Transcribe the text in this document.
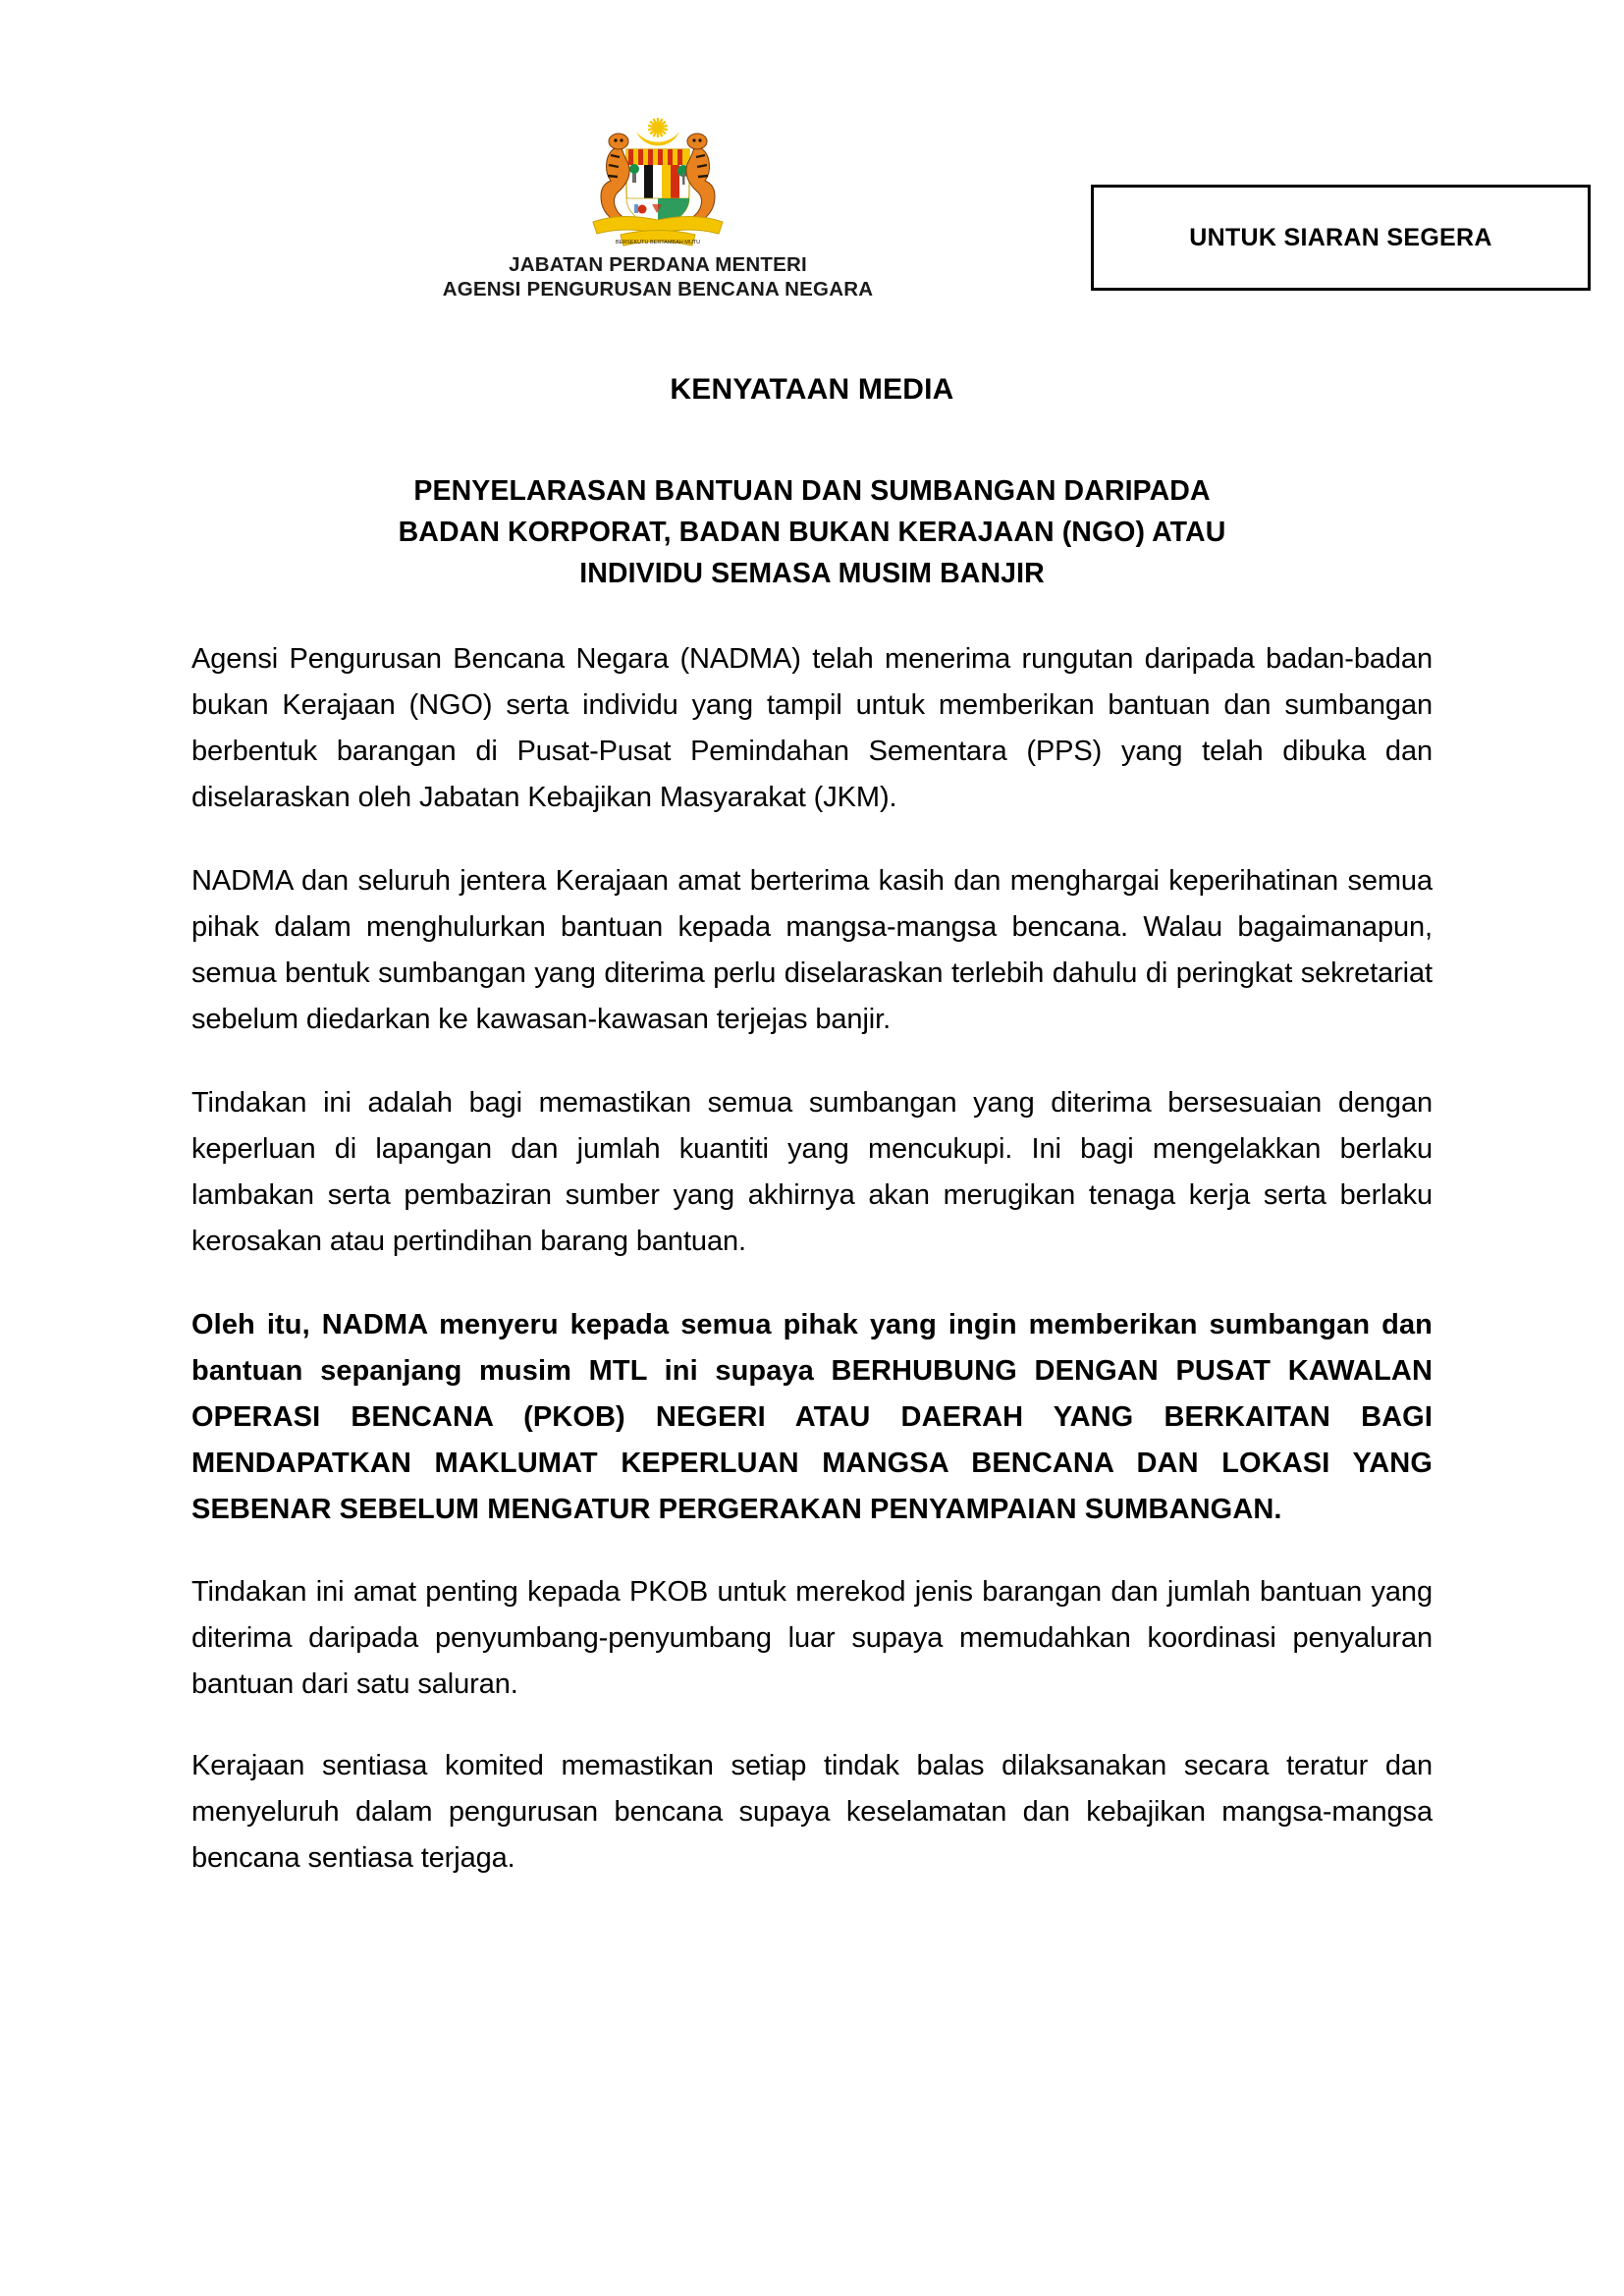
BERSEKUTU BERTAMBAH MUTU
JABATAN PERDANA MENTERI
AGENSI PENGURUSAN BENCANA NEGARA
UNTUK SIARAN SEGERA
KENYATAAN MEDIA
PENYELARASAN BANTUAN DAN SUMBANGAN DARIPADA
BADAN KORPORAT, BADAN BUKAN KERAJAAN (NGO) ATAU
INDIVIDU SEMASA MUSIM BANJIR

Agensi Pengurusan Bencana Negara (NADMA) telah menerima rungutan daripada badan-badan bukan Kerajaan (NGO) serta individu yang tampil untuk memberikan bantuan dan sumbangan berbentuk barangan di Pusat-Pusat Pemindahan Sementara (PPS) yang telah dibuka dan diselaraskan oleh Jabatan Kebajikan Masyarakat (JKM).

NADMA dan seluruh jentera Kerajaan amat berterima kasih dan menghargai keperihatinan semua pihak dalam menghulurkan bantuan kepada mangsa-mangsa bencana. Walau bagaimanapun, semua bentuk sumbangan yang diterima perlu diselaraskan terlebih dahulu di peringkat sekretariat sebelum diedarkan ke kawasan-kawasan terjejas banjir.

Tindakan ini adalah bagi memastikan semua sumbangan yang diterima bersesuaian dengan keperluan di lapangan dan jumlah kuantiti yang mencukupi. Ini bagi mengelakkan berlaku lambakan serta pembaziran sumber yang akhirnya akan merugikan tenaga kerja serta berlaku kerosakan atau pertindihan barang bantuan.

Oleh itu, NADMA menyeru kepada semua pihak yang ingin memberikan sumbangan dan bantuan sepanjang musim MTL ini supaya BERHUBUNG DENGAN PUSAT KAWALAN OPERASI BENCANA (PKOB) NEGERI ATAU DAERAH YANG BERKAITAN BAGI MENDAPATKAN MAKLUMAT KEPERLUAN MANGSA BENCANA DAN LOKASI YANG SEBENAR SEBELUM MENGATUR PERGERAKAN PENYAMPAIAN SUMBANGAN.

Tindakan ini amat penting kepada PKOB untuk merekod jenis barangan dan jumlah bantuan yang diterima daripada penyumbang-penyumbang luar supaya memudahkan koordinasi penyaluran bantuan dari satu saluran.

Kerajaan sentiasa komited memastikan setiap tindak balas dilaksanakan secara teratur dan menyeluruh dalam pengurusan bencana supaya keselamatan dan kebajikan mangsa-mangsa bencana sentiasa terjaga.
